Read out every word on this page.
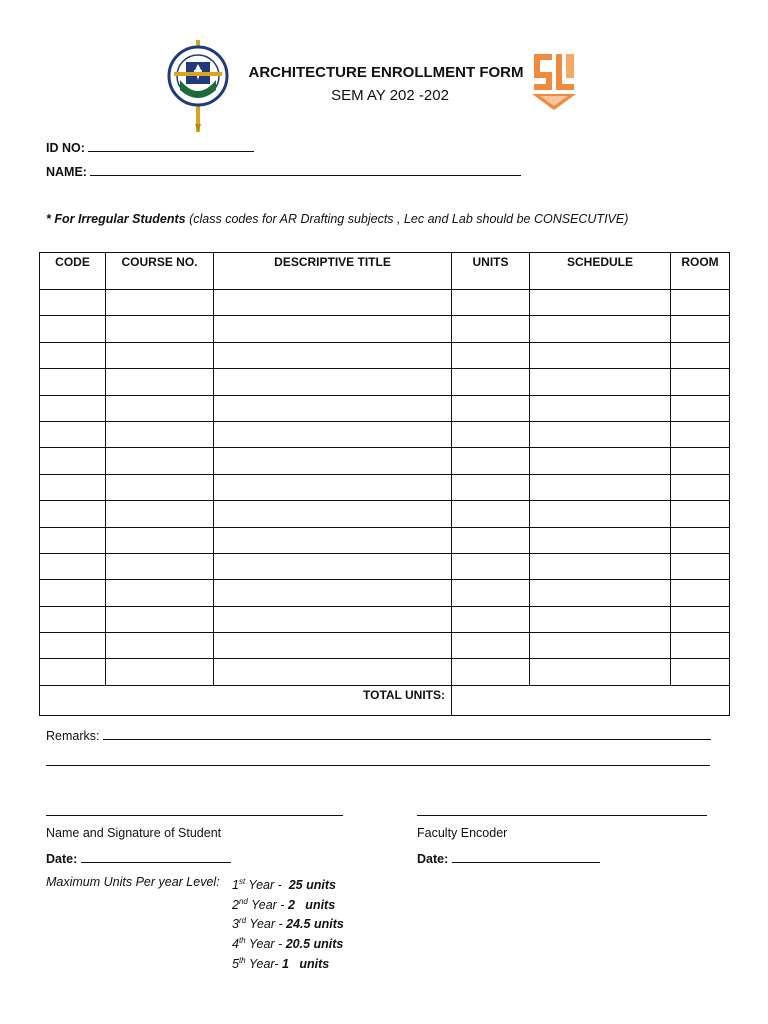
ARCHITECTURE ENROLLMENT FORM
SEM AY 202 -202
ID NO:
NAME:
* For Irregular Students (class codes for AR Drafting subjects , Lec and Lab should be CONSECUTIVE)
CODE	COURSE NO.	DESCRIPTIVE TITLE	UNITS	SCHEDULE	ROOM

TOTAL UNITS:					
Remarks:
Name and Signature of Student	Faculty Encoder
Date:	Date:
Maximum Units Per year Level: 1st Year -  25 units
2nd Year - 2   units
3rd Year - 24.5 units
4th Year - 20.5 units
5th Year- 1   units
